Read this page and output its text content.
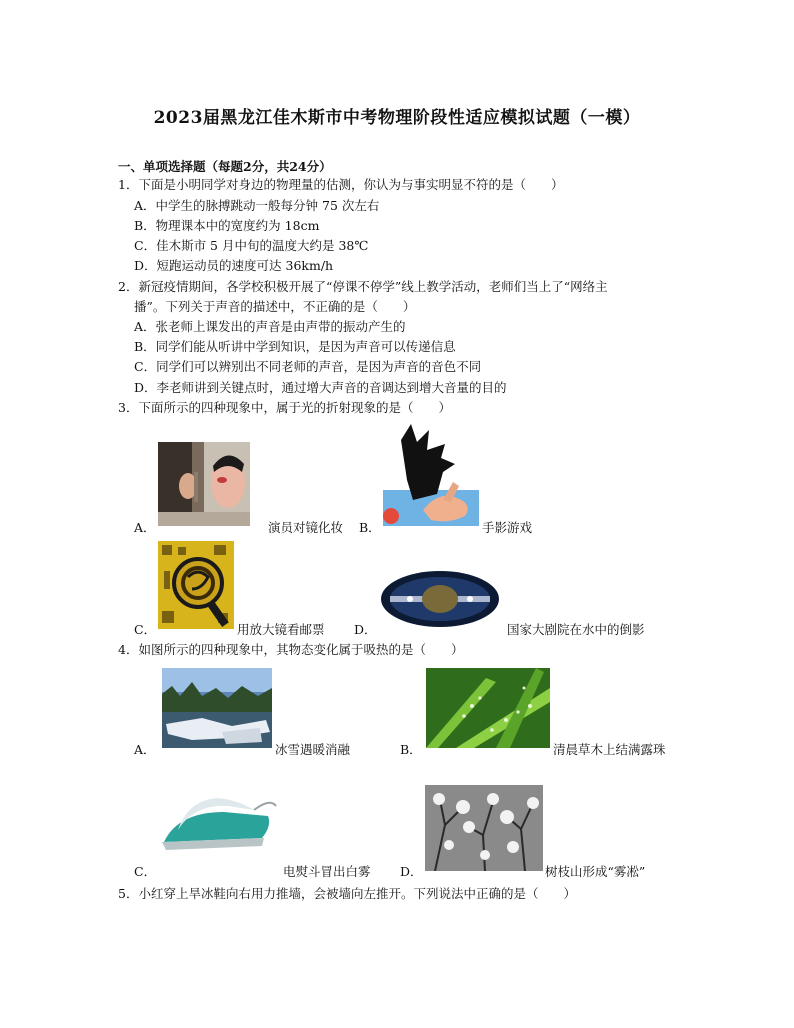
2023届黑龙江佳木斯市中考物理阶段性适应模拟试题（一模）
一、单项选择题（每题2分，共24分）
1．下面是小明同学对身边的物理量的估测，你认为与事实明显不符的是（　　）
A．中学生的脉搏跳动一般每分钟 75 次左右
B．物理课本中的宽度约为 18cm
C．佳木斯市 5 月中旬的温度大约是 38℃
D．短跑运动员的速度可达 36km/h
2．新冠疫情期间，各学校积极开展了“停课不停学”线上教学活动，老师们当上了“网络主
播”。下列关于声音的描述中，不正确的是（　　）
A．张老师上课发出的声音是由声带的振动产生的
B．同学们能从听讲中学到知识，是因为声音可以传递信息
C．同学们可以辨别出不同老师的声音，是因为声音的音色不同
D．李老师讲到关键点时，通过增大声音的音调达到增大音量的目的
3．下面所示的四种现象中，属于光的折射现象的是（　　）
A．	演员对镜化妆 B．	手影游戏
C．	用放大镜看邮票 D．	国家大剧院在水中的倒影
4．如图所示的四种现象中，其物态变化属于吸热的是（　　）
A．	冰雪遇暖消融	B．	清晨草木上结满露珠
C．	电熨斗冒出白雾 D．	树枝山形成“雾凇”
5．小红穿上旱冰鞋向右用力推墙，会被墙向左推开。下列说法中正确的是（　　）
